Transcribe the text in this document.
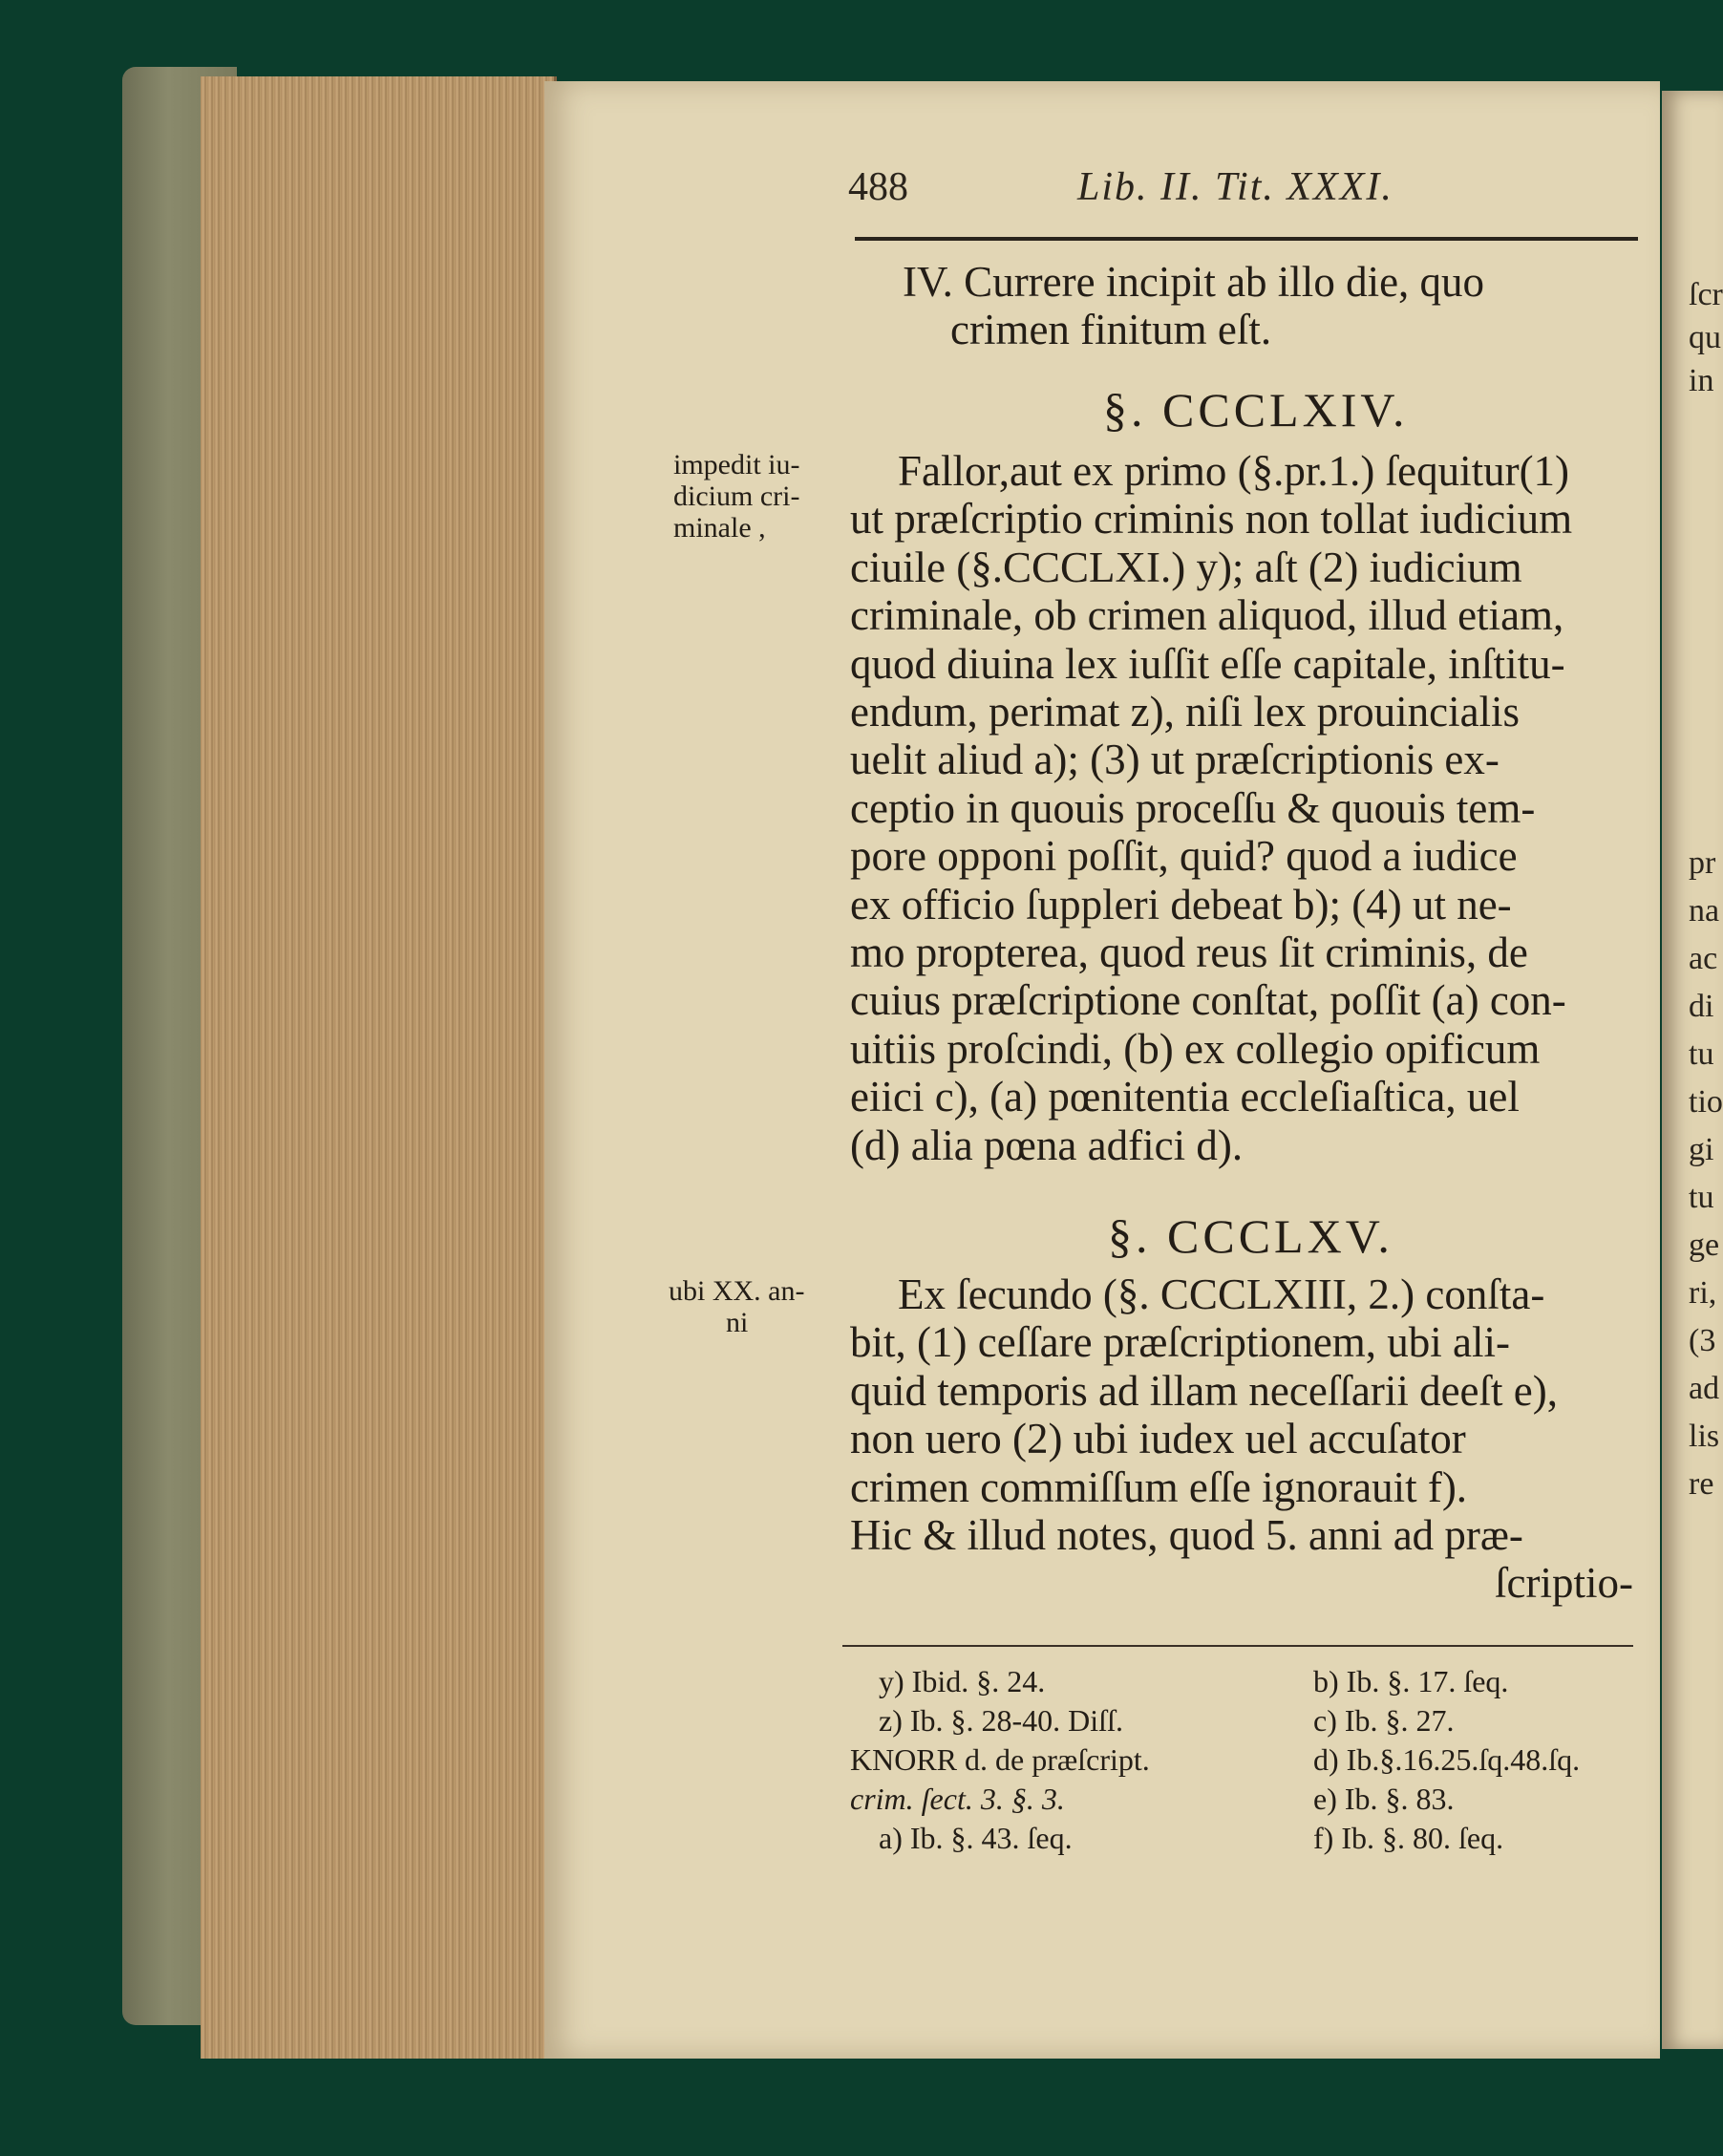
ſcr
qu
in
pr
na
ac
di
tu
tio
gi
tu
ge
ri,
(3
ad
lis
re
488	Lib. II. Tit. XXXI.
IV. Currere incipit ab illo die, quo
crimen finitum eſt.
§. CCCLXIV.
impedit iu-
dicium cri-
minale ,
Fallor,aut ex primo (§.pr.1.) ſequitur(1)
ut præſcriptio criminis non tollat iudicium
ciuile (§.CCCLXI.) y); aſt (2) iudicium
criminale, ob crimen aliquod, illud etiam,
quod diuina lex iuſſit eſſe capitale, inſtitu-
endum, perimat z), niſi lex prouincialis
uelit aliud a); (3) ut præſcriptionis ex-
ceptio in quouis proceſſu & quouis tem-
pore opponi poſſit, quid? quod a iudice
ex officio ſuppleri debeat b); (4) ut ne-
mo propterea, quod reus ſit criminis, de
cuius præſcriptione conſtat, poſſit (a) con-
uitiis proſcindi, (b) ex collegio opificum
eiici c), (a) pœnitentia eccleſiaſtica, uel
(d) alia pœna adfici d).
§. CCCLXV.
ubi XX. an-
ni
Ex ſecundo (§. CCCLXIII, 2.) conſta-
bit, (1) ceſſare præſcriptionem, ubi ali-
quid temporis ad illam neceſſarii deeſt e),
non uero (2) ubi iudex uel accuſator
crimen commiſſum eſſe ignorauit f).
Hic & illud notes, quod 5. anni ad præ-
ſcriptio-
y) Ibid. §. 24.
z) Ib. §. 28-40. Diſſ.
KNORR d. de præſcript.
crim. ſect. 3. §. 3.
a) Ib. §. 43. ſeq.
b) Ib. §. 17. ſeq.
c) Ib. §. 27.
d) Ib.§.16.25.ſq.48.ſq.
e) Ib. §. 83.
f) Ib. §. 80. ſeq.
